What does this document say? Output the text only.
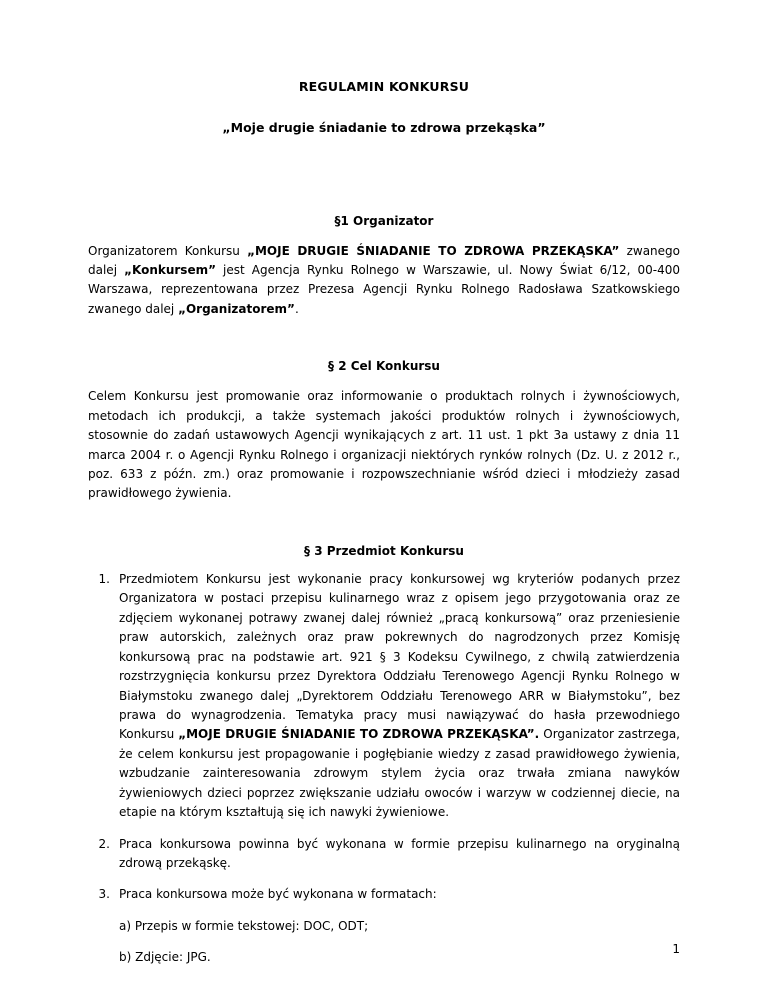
REGULAMIN KONKURSU
„Moje drugie śniadanie to zdrowa przekąska”
§1 Organizator

Organizatorem Konkursu „MOJE DRUGIE ŚNIADANIE TO ZDROWA PRZEKĄSKA” zwanego dalej „Konkursem” jest Agencja Rynku Rolnego w Warszawie, ul. Nowy Świat 6/12, 00-400 Warszawa, reprezentowana przez Prezesa Agencji Rynku Rolnego Radosława Szatkowskiego zwanego dalej „Organizatorem”.

§ 2 Cel Konkursu

Celem Konkursu jest promowanie oraz informowanie o produktach rolnych i żywnościowych, metodach ich produkcji, a także systemach jakości produktów rolnych i żywnościowych, stosownie do zadań ustawowych Agencji wynikających z art. 11 ust. 1 pkt 3a ustawy z dnia 11 marca 2004 r. o Agencji Rynku Rolnego i organizacji niektórych rynków rolnych (Dz. U. z 2012 r., poz. 633 z późn. zm.) oraz promowanie i rozpowszechnianie wśród dzieci i młodzieży zasad prawidłowego żywienia.

§ 3 Przedmiot Konkursu
1. Przedmiotem Konkursu jest wykonanie pracy konkursowej wg kryteriów podanych przez Organizatora w postaci przepisu kulinarnego wraz z opisem jego przygotowania oraz ze zdjęciem wykonanej potrawy zwanej dalej również „pracą konkursową” oraz przeniesienie praw autorskich, zależnych oraz praw pokrewnych do nagrodzonych przez Komisję konkursową prac na podstawie art. 921 § 3 Kodeksu Cywilnego, z chwilą zatwierdzenia rozstrzygnięcia konkursu przez Dyrektora Oddziału Terenowego Agencji Rynku Rolnego w Białymstoku zwanego dalej „Dyrektorem Oddziału Terenowego ARR w Białymstoku”, bez prawa do wynagrodzenia. Tematyka pracy musi nawiązywać do hasła przewodniego Konkursu „MOJE DRUGIE ŚNIADANIE TO ZDROWA PRZEKĄSKA”. Organizator zastrzega, że celem konkursu jest propagowanie i pogłębianie wiedzy z zasad prawidłowego żywienia, wzbudzanie zainteresowania zdrowym stylem życia oraz trwała zmiana nawyków żywieniowych dzieci poprzez zwiększanie udziału owoców i warzyw w codziennej diecie, na etapie na którym kształtują się ich nawyki żywieniowe.
2. Praca konkursowa powinna być wykonana w formie przepisu kulinarnego na oryginalną zdrową przekąskę.
3. Praca konkursowa może być wykonana w formatach:
a) Przepis w formie tekstowej: DOC, ODT;
b) Zdjęcie: JPG.
1
